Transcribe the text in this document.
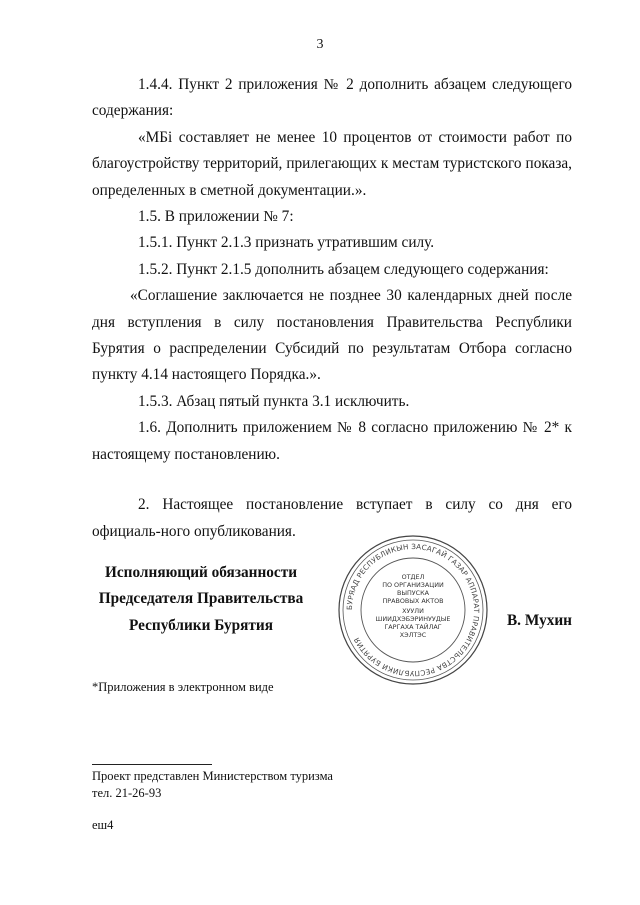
3

1.4.4. Пункт 2 приложения № 2 дополнить абзацем следующего содержания:

«МБi составляет не менее 10 процентов от стоимости работ по благоустройству территорий, прилегающих к местам туристского показа, определенных в сметной документации.».

1.5. В приложении № 7:

1.5.1. Пункт 2.1.3 признать утратившим силу.

1.5.2. Пункт 2.1.5 дополнить абзацем следующего содержания:

«Соглашение заключается не позднее 30 календарных дней после дня вступления в силу постановления Правительства Республики Бурятия о распределении Субсидий по результатам Отбора согласно пункту 4.14 настоящего Порядка.».

1.5.3. Абзац пятый пункта 3.1 исключить.

1.6. Дополнить приложением № 8 согласно приложению № 2* к настоящему постановлению.

2. Настоящее постановление вступает в силу со дня его официаль-ного опубликования.

Исполняющий обязанности
Председателя Правительства
Республики Бурятия
БУРЯАД РЕСПУБЛИКЫН ЗАСАГАЙ ГАЗАР АППАРАТ ПРАВИТЕЛЬСТВА РЕСПУБЛИКИ БУРЯТИЯ
ОТДЕЛ
ПО ОРГАНИЗАЦИИ
ВЫПУСКА
ПРАВОВЫХ АКТОВ
ХУУЛИ
ШИИДХЭБЭРИНУУДЫЕ
ГАРГАХА ТАЙЛАГ
ХЭЛТЭС
В. Мухин
*Приложения в электронном виде
Проект представлен Министерством туризма
тел. 21-26-93
еш4
